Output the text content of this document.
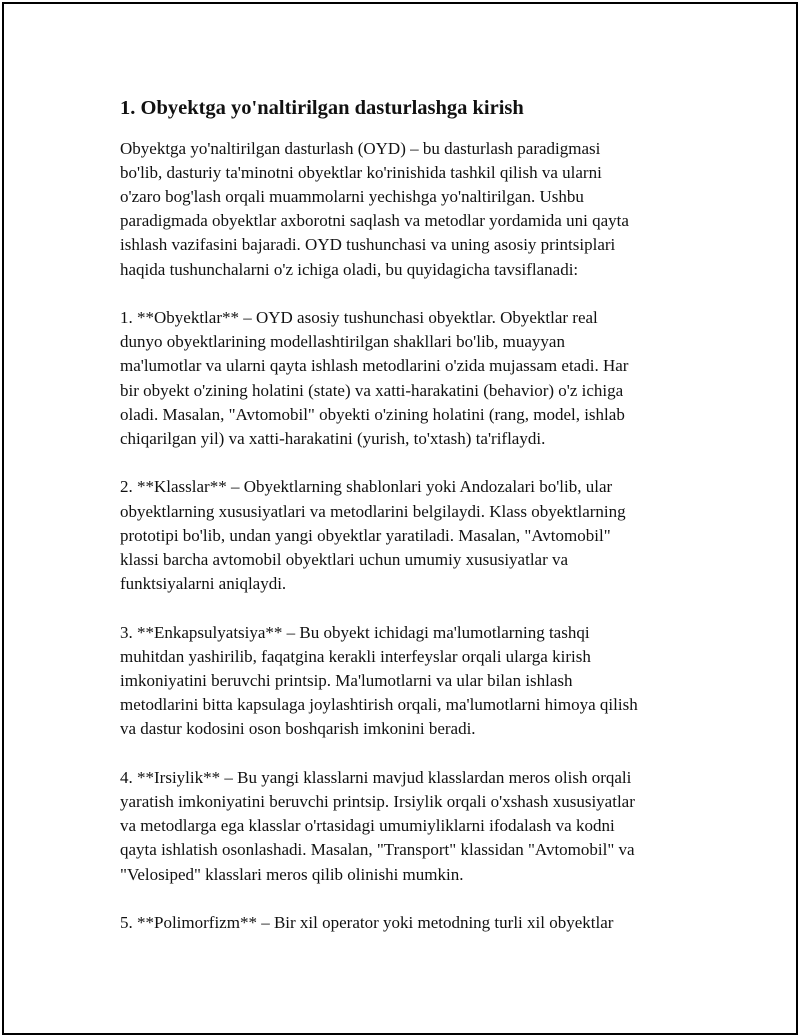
1. Obyektga yo'naltirilgan dasturlashga kirish

Obyektga yo'naltirilgan dasturlash (OYD) – bu dasturlash paradigmasi
bo'lib, dasturiy ta'minotni obyektlar ko'rinishida tashkil qilish va ularni
o'zaro bog'lash orqali muammolarni yechishga yo'naltirilgan. Ushbu
paradigmada obyektlar axborotni saqlash va metodlar yordamida uni qayta
ishlash vazifasini bajaradi. OYD tushunchasi va uning asosiy printsiplari
haqida tushunchalarni o'z ichiga oladi, bu quyidagicha tavsiflanadi:

1. **Obyektlar** – OYD asosiy tushunchasi obyektlar. Obyektlar real
dunyo obyektlarining modellashtirilgan shakllari bo'lib, muayyan
ma'lumotlar va ularni qayta ishlash metodlarini o'zida mujassam etadi. Har
bir obyekt o'zining holatini (state) va xatti-harakatini (behavior) o'z ichiga
oladi. Masalan, "Avtomobil" obyekti o'zining holatini (rang, model, ishlab
chiqarilgan yil) va xatti-harakatini (yurish, to'xtash) ta'riflaydi.

2. **Klasslar** – Obyektlarning shablonlari yoki Andozalari bo'lib, ular
obyektlarning xususiyatlari va metodlarini belgilaydi. Klass obyektlarning
prototipi bo'lib, undan yangi obyektlar yaratiladi. Masalan, "Avtomobil"
klassi barcha avtomobil obyektlari uchun umumiy xususiyatlar va
funktsiyalarni aniqlaydi.

3. **Enkapsulyatsiya** – Bu obyekt ichidagi ma'lumotlarning tashqi
muhitdan yashirilib, faqatgina kerakli interfeyslar orqali ularga kirish
imkoniyatini beruvchi printsip. Ma'lumotlarni va ular bilan ishlash
metodlarini bitta kapsulaga joylashtirish orqali, ma'lumotlarni himoya qilish
va dastur kodosini oson boshqarish imkonini beradi.

4. **Irsiylik** – Bu yangi klasslarni mavjud klasslardan meros olish orqali
yaratish imkoniyatini beruvchi printsip. Irsiylik orqali o'xshash xususiyatlar
va metodlarga ega klasslar o'rtasidagi umumiyliklarni ifodalash va kodni
qayta ishlatish osonlashadi. Masalan, "Transport" klassidan "Avtomobil" va
"Velosiped" klasslari meros qilib olinishi mumkin.

5. **Polimorfizm** – Bir xil operator yoki metodning turli xil obyektlar
